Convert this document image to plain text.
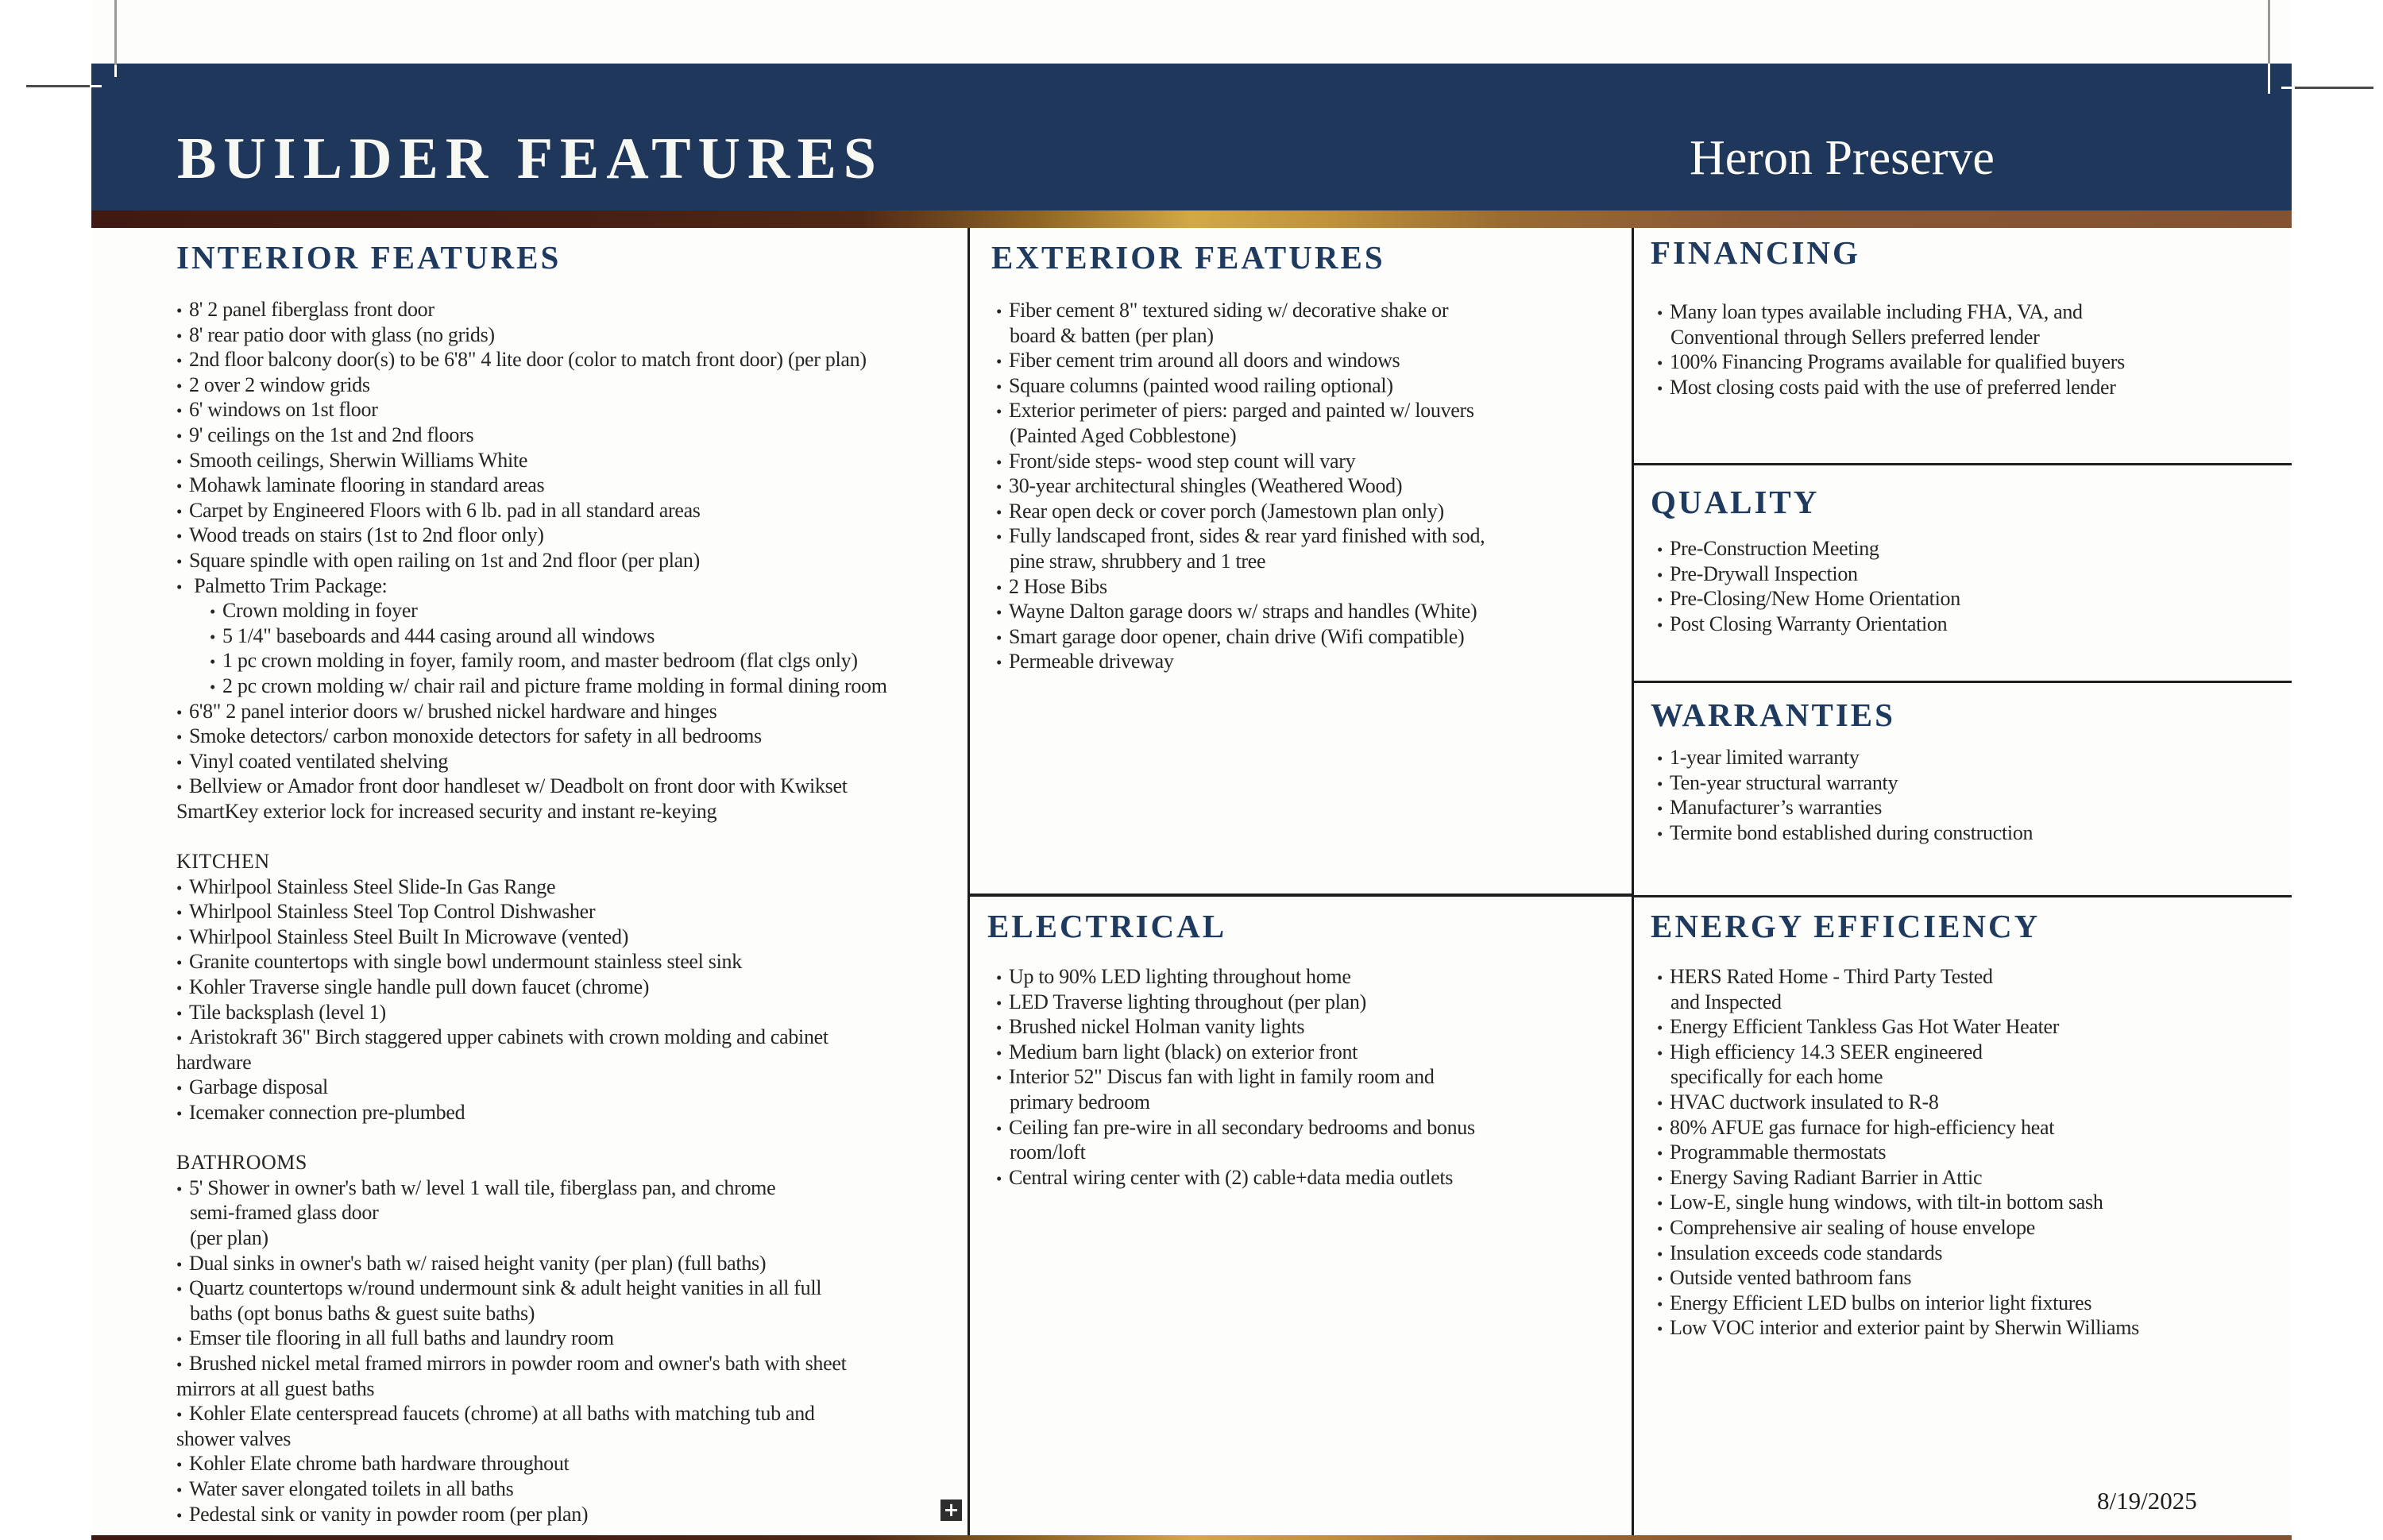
BUILDER FEATURES	Heron Preserve
INTERIOR FEATURES
• 8' 2 panel fiberglass front door
• 8' rear patio door with glass (no grids)
• 2nd floor balcony door(s) to be 6'8" 4 lite door (color to match front door) (per plan)
• 2 over 2 window grids
• 6' windows on 1st floor
• 9' ceilings on the 1st and 2nd floors
• Smooth ceilings, Sherwin Williams White
• Mohawk laminate flooring in standard areas
• Carpet by Engineered Floors with 6 lb. pad in all standard areas
• Wood treads on stairs (1st to 2nd floor only)
• Square spindle with open railing on 1st and 2nd floor (per plan)
• Palmetto Trim Package:
• Crown molding in foyer
• 5 1/4" baseboards and 444 casing around all windows
• 1 pc crown molding in foyer, family room, and master bedroom (flat clgs only)
• 2 pc crown molding w/ chair rail and picture frame molding in formal dining room
• 6'8" 2 panel interior doors w/ brushed nickel hardware and hinges
• Smoke detectors/ carbon monoxide detectors for safety in all bedrooms
• Vinyl coated ventilated shelving
• Bellview or Amador front door handleset w/ Deadbolt on front door with Kwikset
SmartKey exterior lock for increased security and instant re-keying
KITCHEN
• Whirlpool Stainless Steel Slide-In Gas Range
• Whirlpool Stainless Steel Top Control Dishwasher
• Whirlpool Stainless Steel Built In Microwave (vented)
• Granite countertops with single bowl undermount stainless steel sink
• Kohler Traverse single handle pull down faucet (chrome)
• Tile backsplash (level 1)
• Aristokraft 36" Birch staggered upper cabinets with crown molding and cabinet
hardware
• Garbage disposal
• Icemaker connection pre-plumbed
BATHROOMS
• 5' Shower in owner's bath w/ level 1 wall tile, fiberglass pan, and chrome
semi-framed glass door
(per plan)
• Dual sinks in owner's bath w/ raised height vanity (per plan) (full baths)
• Quartz countertops w/round undermount sink & adult height vanities in all full
baths (opt bonus baths & guest suite baths)
• Emser tile flooring in all full baths and laundry room
• Brushed nickel metal framed mirrors in powder room and owner's bath with sheet
mirrors at all guest baths
• Kohler Elate centerspread faucets (chrome) at all baths with matching tub and
shower valves
• Kohler Elate chrome bath hardware throughout
• Water saver elongated toilets in all baths
• Pedestal sink or vanity in powder room (per plan)
EXTERIOR FEATURES
• Fiber cement 8" textured siding w/ decorative shake or
board & batten (per plan)
• Fiber cement trim around all doors and windows
• Square columns (painted wood railing optional)
• Exterior perimeter of piers: parged and painted w/ louvers
(Painted Aged Cobblestone)
• Front/side steps- wood step count will vary
• 30-year architectural shingles (Weathered Wood)
• Rear open deck or cover porch (Jamestown plan only)
• Fully landscaped front, sides & rear yard finished with sod,
pine straw, shrubbery and 1 tree
• 2 Hose Bibs
• Wayne Dalton garage doors w/ straps and handles (White)
• Smart garage door opener, chain drive (Wifi compatible)
• Permeable driveway
ELECTRICAL
• Up to 90% LED lighting throughout home
• LED Traverse lighting throughout (per plan)
• Brushed nickel Holman vanity lights
• Medium barn light (black) on exterior front
• Interior 52" Discus fan with light in family room and
primary bedroom
• Ceiling fan pre-wire in all secondary bedrooms and bonus
room/loft
• Central wiring center with (2) cable+data media outlets
FINANCING
• Many loan types available including FHA, VA, and
Conventional through Sellers preferred lender
• 100% Financing Programs available for qualified buyers
• Most closing costs paid with the use of preferred lender
QUALITY
• Pre-Construction Meeting
• Pre-Drywall Inspection
• Pre-Closing/New Home Orientation
• Post Closing Warranty Orientation
WARRANTIES
• 1-year limited warranty
• Ten-year structural warranty
• Manufacturer’s warranties
• Termite bond established during construction
ENERGY EFFICIENCY
• HERS Rated Home - Third Party Tested
and Inspected
• Energy Efficient Tankless Gas Hot Water Heater
• High efficiency 14.3 SEER engineered
specifically for each home
• HVAC ductwork insulated to R-8
• 80% AFUE gas furnace for high-efficiency heat
• Programmable thermostats
• Energy Saving Radiant Barrier in Attic
• Low-E, single hung windows, with tilt-in bottom sash
• Comprehensive air sealing of house envelope
• Insulation exceeds code standards
• Outside vented bathroom fans
• Energy Efficient LED bulbs on interior light fixtures
• Low VOC interior and exterior paint by Sherwin Williams
8/19/2025
+
